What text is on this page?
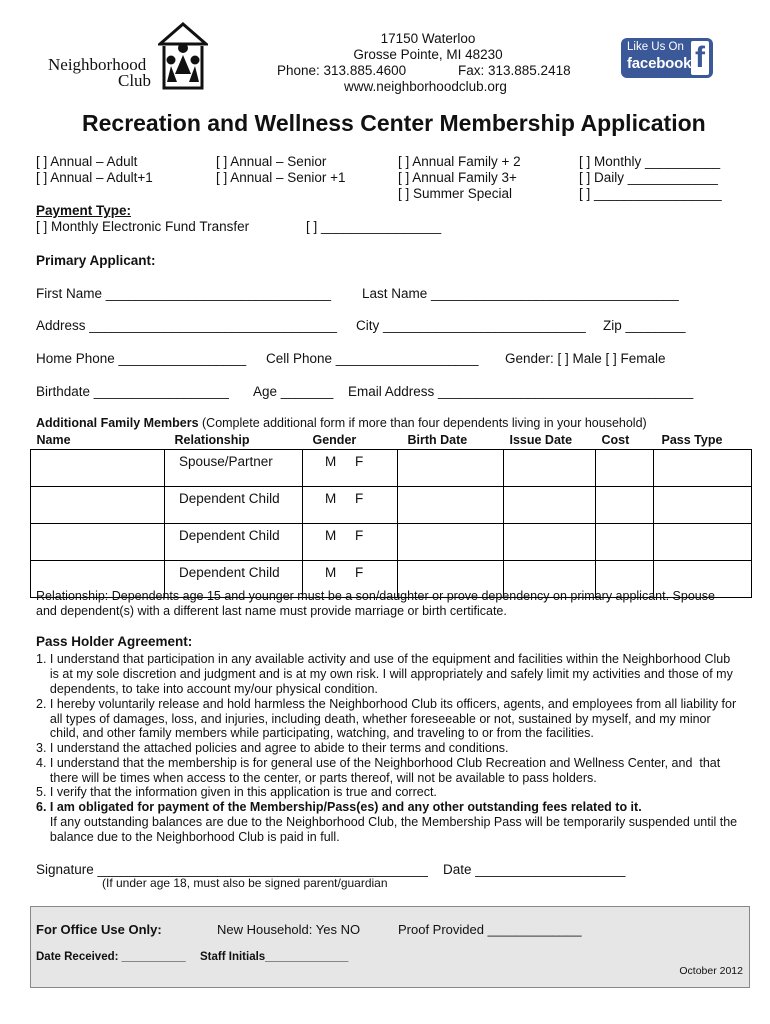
Neighborhood
Club
17150 Waterloo
Grosse Pointe, MI 48230
Phone: 313.885.4600	Fax: 313.885.2418
www.neighborhoodclub.org
Like Us On
facebook f
Recreation and Wellness Center Membership Application
[ ] Annual – Adult
[ ] Annual – Adult+1
[ ] Annual – Senior
[ ] Annual – Senior +1
[ ] Annual Family + 2
[ ] Annual Family 3+
[ ] Summer Special
[ ] Monthly __________
[ ] Daily ____________
[ ] _________________
Payment Type:
[ ] Monthly Electronic Fund Transfer	[ ] ________________
Primary Applicant:
First Name ______________________________ Last Name _________________________________
Address _________________________________ City ___________________________ Zip ________
Home Phone _________________ Cell Phone ___________________ Gender: [ ] Male [ ] Female
Birthdate __________________ Age _______ Email Address __________________________________
Additional Family Members (Complete additional form if more than four dependents living in your household)
Name	Relationship	Gender	Birth Date	Issue Date	Cost	Pass Type
	Spouse/Partner	M F				
	Dependent Child	M F				
	Dependent Child	M F				
	Dependent Child	M F				
Relationship: Dependents age 15 and younger must be a son/daughter or prove dependency on primary applicant. Spouse
and dependent(s) with a different last name must provide marriage or birth certificate.
Pass Holder Agreement:
1. I understand that participation in any available activity and use of the equipment and facilities within the Neighborhood Club
is at my sole discretion and judgment and is at my own risk. I will appropriately and safely limit my activities and those of my
dependents, to take into account my/our physical condition.
2. I hereby voluntarily release and hold harmless the Neighborhood Club its officers, agents, and employees from all liability for
all types of damages, loss, and injuries, including death, whether foreseeable or not, sustained by myself, and my minor
child, and other family members while participating, watching, and traveling to or from the facilities.
3. I understand the attached policies and agree to abide to their terms and conditions.
4. I understand that the membership is for general use of the Neighborhood Club Recreation and Wellness Center, and  that
there will be times when access to the center, or parts thereof, will not be available to pass holders.
5. I verify that the information given in this application is true and correct.
6. I am obligated for payment of the Membership/Pass(es) and any other outstanding fees related to it.
If any outstanding balances are due to the Neighborhood Club, the Membership Pass will be temporarily suspended until the
balance due to the Neighborhood Club is paid in full.
Signature ____________________________________________ Date ____________________
(If under age 18, must also be signed parent/guardian
For Office Use Only:	New Household: Yes NO	Proof Provided _____________
Date Received: __________ Staff Initials_____________
October 2012
